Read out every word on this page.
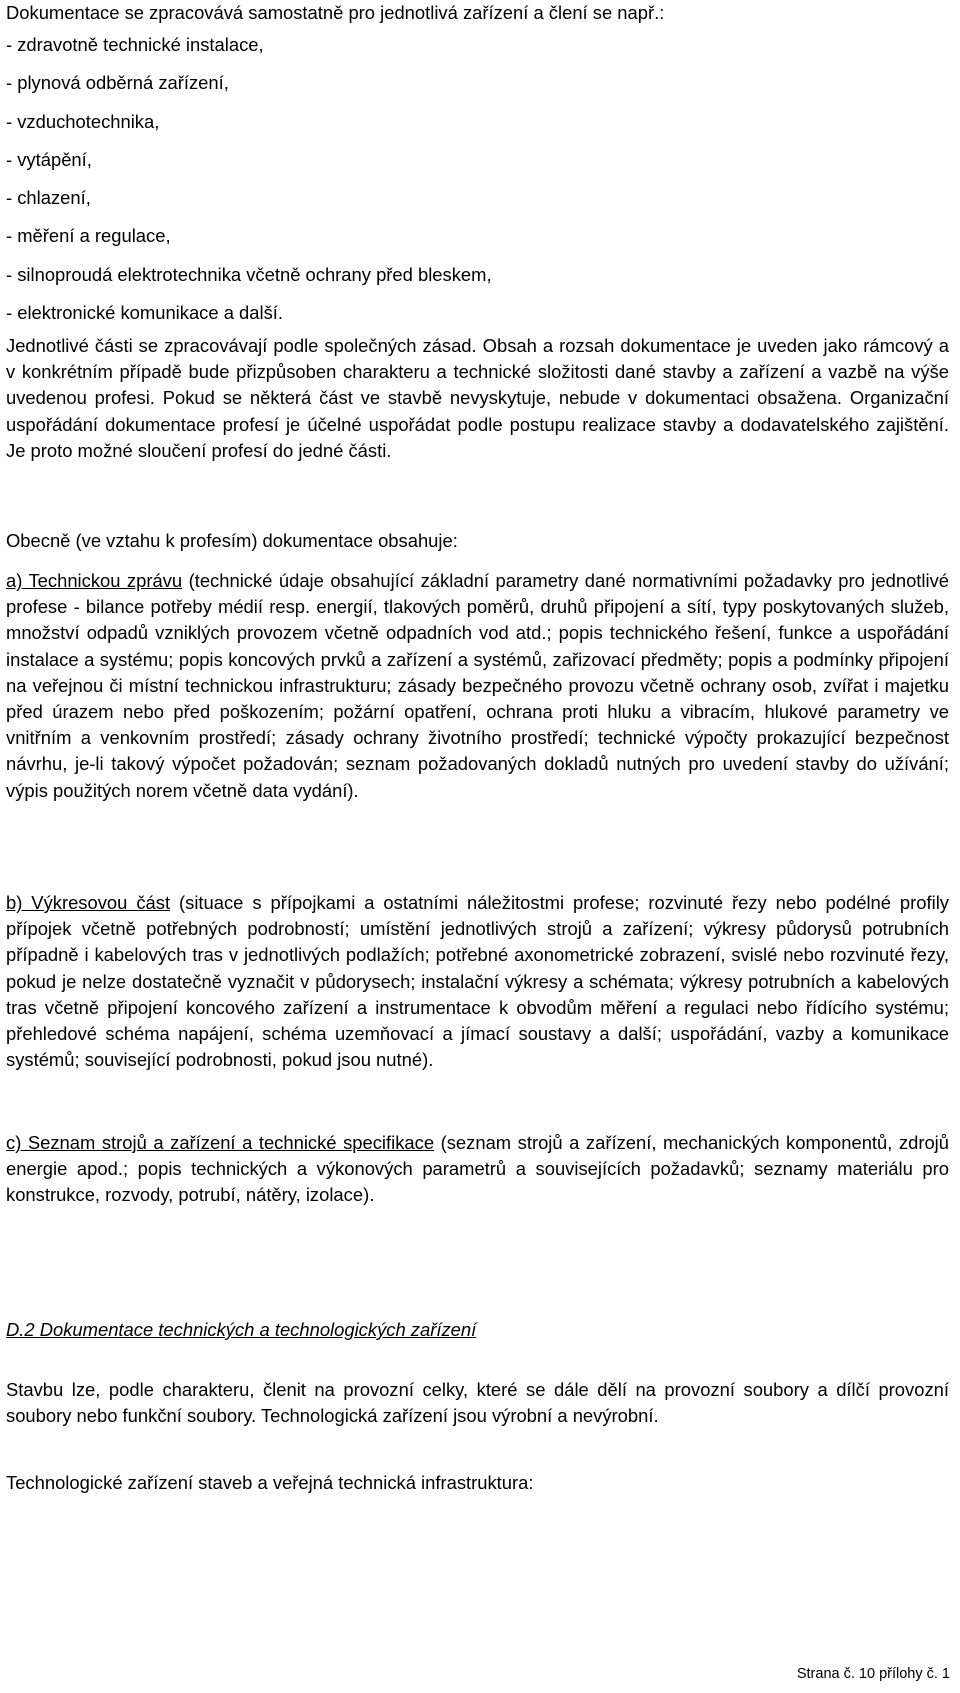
Dokumentace se zpracovává samostatně pro jednotlivá zařízení a člení se např.:

- zdravotně technické instalace,
- plynová odběrná zařízení,
- vzduchotechnika,
- vytápění,
- chlazení,
- měření a regulace,
- silnoproudá elektrotechnika včetně ochrany před bleskem,
- elektronické komunikace a další.

Jednotlivé části se zpracovávají podle společných zásad. Obsah a rozsah dokumentace je uveden jako rámcový a v konkrétním případě bude přizpůsoben charakteru a technické složitosti dané stavby a zařízení a vazbě na výše uvedenou profesi. Pokud se některá část ve stavbě nevyskytuje, nebude v dokumentaci obsažena. Organizační uspořádání dokumentace profesí je účelné uspořádat podle postupu realizace stavby a dodavatelského zajištění. Je proto možné sloučení profesí do jedné části.

Obecně (ve vztahu k profesím) dokumentace obsahuje:

a) Technickou zprávu (technické údaje obsahující základní parametry dané normativními požadavky pro jednotlivé profese - bilance potřeby médií resp. energií, tlakových poměrů, druhů připojení a sítí, typy poskytovaných služeb, množství odpadů vzniklých provozem včetně odpadních vod atd.; popis technického řešení, funkce a uspořádání instalace a systému; popis koncových prvků a zařízení a systémů, zařizovací předměty; popis a podmínky připojení na veřejnou či místní technickou infrastrukturu; zásady bezpečného provozu včetně ochrany osob, zvířat i majetku před úrazem nebo před poškozením; požární opatření, ochrana proti hluku a vibracím, hlukové parametry ve vnitřním a venkovním prostředí; zásady ochrany životního prostředí; technické výpočty prokazující bezpečnost návrhu, je-li takový výpočet požadován; seznam požadovaných dokladů nutných pro uvedení stavby do užívání; výpis použitých norem včetně data vydání).

b) Výkresovou část (situace s přípojkami a ostatními náležitostmi profese; rozvinuté řezy nebo podélné profily přípojek včetně potřebných podrobností; umístění jednotlivých strojů a zařízení; výkresy půdorysů potrubních případně i kabelových tras v jednotlivých podlažích; potřebné axonometrické zobrazení, svislé nebo rozvinuté řezy, pokud je nelze dostatečně vyznačit v půdorysech; instalační výkresy a schémata; výkresy potrubních a kabelových tras včetně připojení koncového zařízení a instrumentace k obvodům měření a regulaci nebo řídícího systému; přehledové schéma napájení, schéma uzemňovací a jímací soustavy a další; uspořádání, vazby a komunikace systémů; související podrobnosti, pokud jsou nutné).

c) Seznam strojů a zařízení a technické specifikace (seznam strojů a zařízení, mechanických komponentů, zdrojů energie apod.; popis technických a výkonových parametrů a souvisejících požadavků; seznamy materiálu pro konstrukce, rozvody, potrubí, nátěry, izolace).

D.2 Dokumentace technických a technologických zařízení

Stavbu lze, podle charakteru, členit na provozní celky, které se dále dělí na provozní soubory a dílčí provozní soubory nebo funkční soubory. Technologická zařízení jsou výrobní a nevýrobní.

Technologické zařízení staveb a veřejná technická infrastruktura:

Strana č. 10 přílohy č. 1
